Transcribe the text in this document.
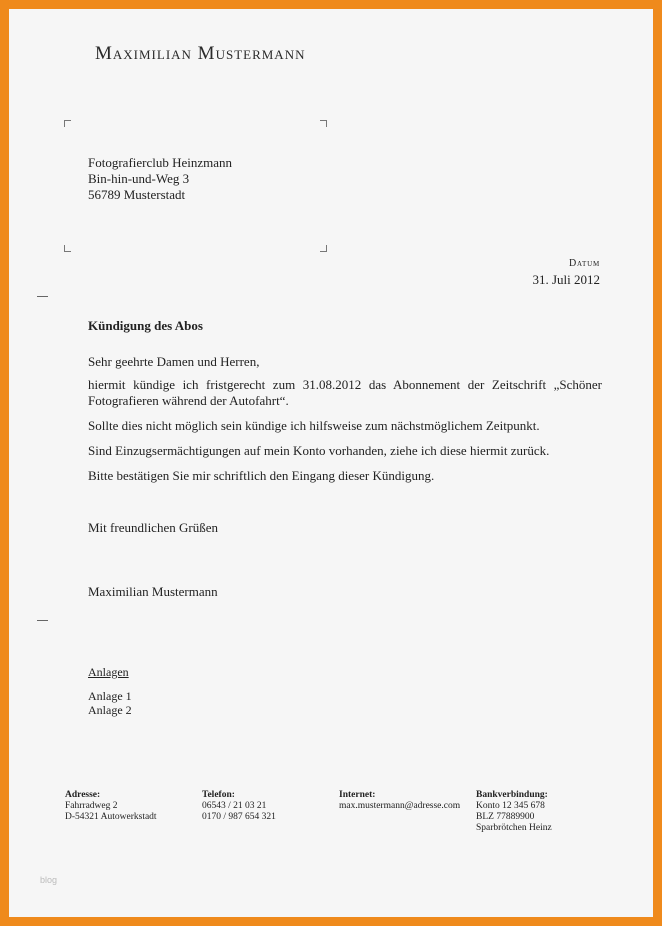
Maximilian Mustermann
Fotografierclub Heinzmann
Bin-hin-und-Weg 3
56789 Musterstadt
Datum
31. Juli 2012
Kündigung des Abos

Sehr geehrte Damen und Herren,

hiermit kündige ich fristgerecht zum 31.08.2012 das Abonnement der Zeitschrift „Schöner Fotografieren während der Autofahrt“.

Sollte dies nicht möglich sein kündige ich hilfsweise zum nächstmöglichem Zeitpunkt.

Sind Einzugsermächtigungen auf mein Konto vorhanden, ziehe ich diese hiermit zurück.

Bitte bestätigen Sie mir schriftlich den Eingang dieser Kündigung.

Mit freundlichen Grüßen
Maximilian Mustermann
Anlagen
Anlage 1
Anlage 2
Adresse:
Fahrradweg 2
D-54321 Autowerkstadt
Telefon:
06543 / 21 03 21
0170 / 987 654 321
Internet:
max.mustermann@adresse.com
Bankverbindung:
Konto 12 345 678
BLZ 77889900
Sparbrötchen Heinz
blog
